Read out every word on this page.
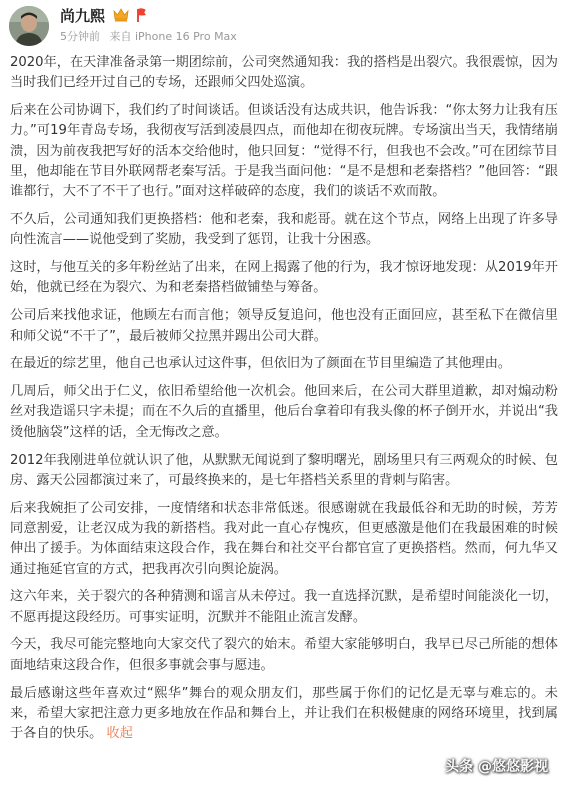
尚九熙
5分钟前 来自 iPhone 16 Pro Max

2020年，在天津准备录第一期团综前，公司突然通知我：我的搭档是出裂穴。我很震惊，因为当时我们已经开过自己的专场，还跟师父四处巡演。

后来在公司协调下，我们约了时间谈话。但谈话没有达成共识，他告诉我：“你太努力让我有压力。”可19年青岛专场，我彻夜写活到凌晨四点，而他却在彻夜玩牌。专场演出当天，我情绪崩溃，因为前夜我把写好的活本交给他时，他只回复：“觉得不行，但我也不会改。”可在团综节目里，他却能在节目外联网帮老秦写活。于是我当面问他：“是不是想和老秦搭档？”他回答：“跟谁都行，大不了不干了也行。”面对这样破碎的态度，我们的谈话不欢而散。

不久后，公司通知我们更换搭档：他和老秦，我和彪哥。就在这个节点，网络上出现了许多导向性流言——说他受到了奖励，我受到了惩罚，让我十分困惑。

这时，与他互关的多年粉丝站了出来，在网上揭露了他的行为，我才惊讶地发现：从2019年开始，他就已经在为裂穴、为和老秦搭档做铺垫与筹备。

公司后来找他求证，他顾左右而言他；领导反复追问，他也没有正面回应，甚至私下在微信里和师父说“不干了”，最后被师父拉黑并踢出公司大群。

在最近的综艺里，他自己也承认过这件事，但依旧为了颜面在节目里编造了其他理由。

几周后，师父出于仁义，依旧希望给他一次机会。他回来后，在公司大群里道歉，却对煽动粉丝对我造谣只字未提；而在不久后的直播里，他后台拿着印有我头像的杯子倒开水，并说出“我烫他脑袋”这样的话，全无悔改之意。

2012年我刚进单位就认识了他，从默默无闻说到了黎明曙光，剧场里只有三两观众的时候、包房、露天公园都演过来了，可最终换来的，是七年搭档关系里的背刺与陷害。

后来我婉拒了公司安排，一度情绪和状态非常低迷。很感谢就在我最低谷和无助的时候，芳芳同意割爱，让老汉成为我的新搭档。我对此一直心存愧疚，但更感激是他们在我最困难的时候伸出了援手。为体面结束这段合作，我在舞台和社交平台都官宣了更换搭档。然而，何九华又通过拖延官宣的方式，把我再次引向舆论旋涡。

这六年来，关于裂穴的各种猜测和谣言从未停过。我一直选择沉默，是希望时间能淡化一切，不愿再提这段经历。可事实证明，沉默并不能阻止流言发酵。

今天，我尽可能完整地向大家交代了裂穴的始末。希望大家能够明白，我早已尽己所能的想体面地结束这段合作，但很多事就会事与愿违。

最后感谢这些年喜欢过“熙华”舞台的观众朋友们，那些属于你们的记忆是无辜与难忘的。未来，希望大家把注意力更多地放在作品和舞台上，并让我们在积极健康的网络环境里，找到属于各自的快乐。 收起

头条 @悠悠影视
